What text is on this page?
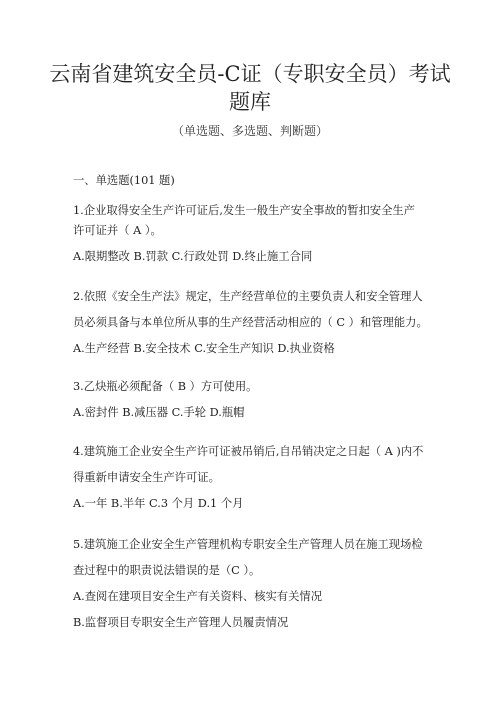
云南省建筑安全员-C证（专职安全员）考试
题库
（单选题、多选题、判断题）
一、单选题(101 题)
1.企业取得安全生产许可证后,发生一般生产安全事故的暂扣安全生产
许可证并（ A ）。
A.限期整改 B.罚款 C.行政处罚 D.终止施工合同
2.依照《安全生产法》规定，生产经营单位的主要负责人和安全管理人
员必须具备与本单位所从事的生产经营活动相应的（ C ）和管理能力。
A.生产经营 B.安全技术 C.安全生产知识 D.执业资格
3.乙炔瓶必须配备（ B ）方可使用。
A.密封件 B.减压器 C.手轮 D.瓶帽
4.建筑施工企业安全生产许可证被吊销后,自吊销决定之日起（ A )内不
得重新申请安全生产许可证。
A.一年 B.半年 C.3 个月 D.1 个月
5.建筑施工企业安全生产管理机构专职安全生产管理人员在施工现场检
查过程中的职责说法错误的是（C ）。
A.查阅在建项目安全生产有关资料、核实有关情况
B.监督项目专职安全生产管理人员履责情况
